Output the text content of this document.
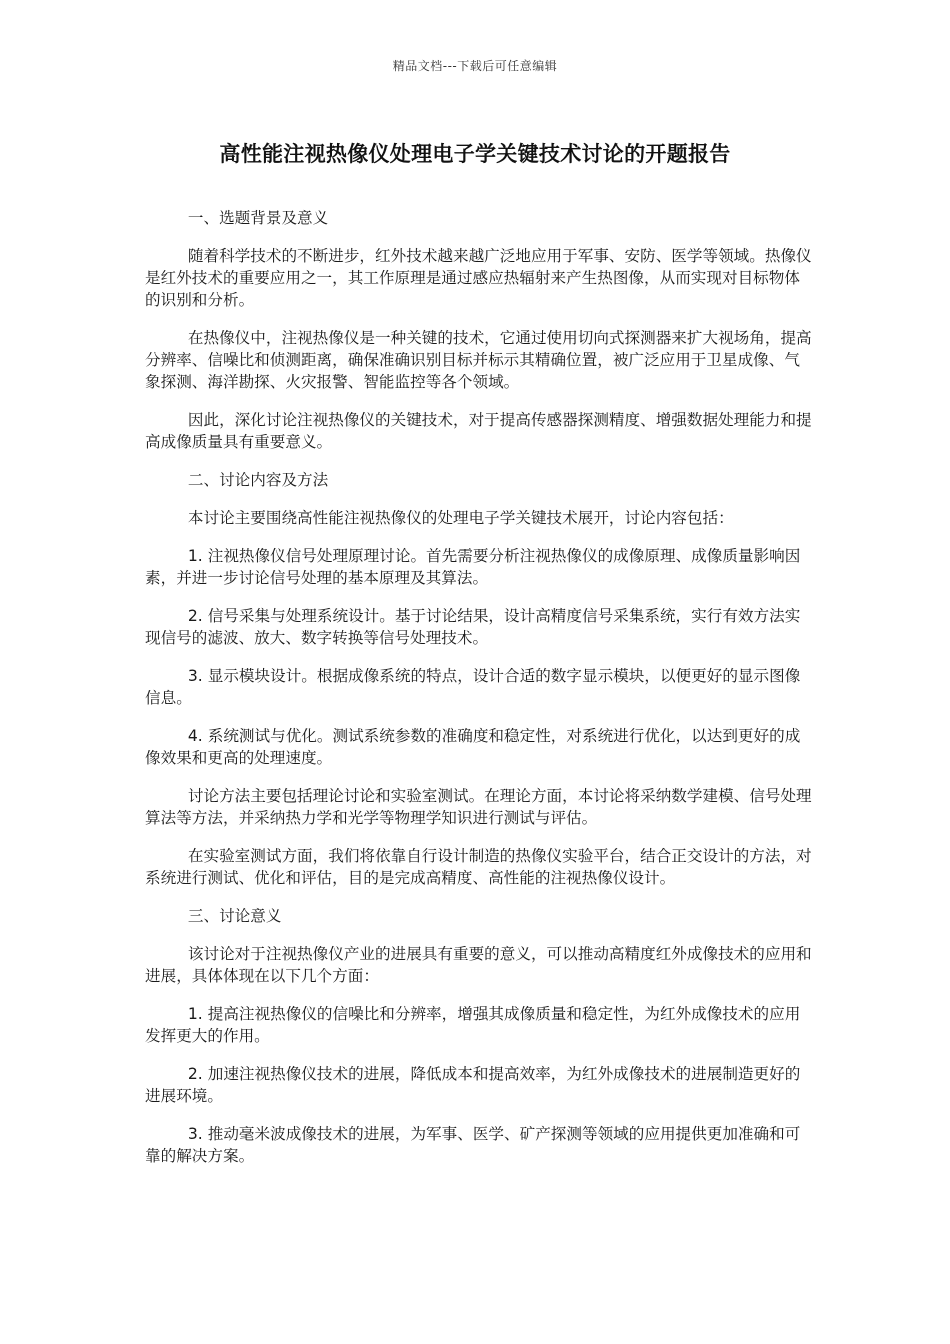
精品文档---下载后可任意编辑
高性能注视热像仪处理电子学关键技术讨论的开题报告

一、选题背景及意义

随着科学技术的不断进步，红外技术越来越广泛地应用于军事、安防、医学等领域。热像仪是红外技术的重要应用之一，其工作原理是通过感应热辐射来产生热图像，从而实现对目标物体的识别和分析。

在热像仪中，注视热像仪是一种关键的技术，它通过使用切向式探测器来扩大视场角，提高分辨率、信噪比和侦测距离，确保准确识别目标并标示其精确位置，被广泛应用于卫星成像、气象探测、海洋勘探、火灾报警、智能监控等各个领域。

因此，深化讨论注视热像仪的关键技术，对于提高传感器探测精度、增强数据处理能力和提高成像质量具有重要意义。

二、讨论内容及方法

本讨论主要围绕高性能注视热像仪的处理电子学关键技术展开，讨论内容包括：

1. 注视热像仪信号处理原理讨论。首先需要分析注视热像仪的成像原理、成像质量影响因素，并进一步讨论信号处理的基本原理及其算法。

2. 信号采集与处理系统设计。基于讨论结果，设计高精度信号采集系统，实行有效方法实现信号的滤波、放大、数字转换等信号处理技术。

3. 显示模块设计。根据成像系统的特点，设计合适的数字显示模块，以便更好的显示图像信息。

4. 系统测试与优化。测试系统参数的准确度和稳定性，对系统进行优化，以达到更好的成像效果和更高的处理速度。

讨论方法主要包括理论讨论和实验室测试。在理论方面，本讨论将采纳数学建模、信号处理算法等方法，并采纳热力学和光学等物理学知识进行测试与评估。

在实验室测试方面，我们将依靠自行设计制造的热像仪实验平台，结合正交设计的方法，对系统进行测试、优化和评估，目的是完成高精度、高性能的注视热像仪设计。

三、讨论意义

该讨论对于注视热像仪产业的进展具有重要的意义，可以推动高精度红外成像技术的应用和进展，具体体现在以下几个方面：

1. 提高注视热像仪的信噪比和分辨率，增强其成像质量和稳定性，为红外成像技术的应用发挥更大的作用。

2. 加速注视热像仪技术的进展，降低成本和提高效率，为红外成像技术的进展制造更好的进展环境。

3. 推动毫米波成像技术的进展，为军事、医学、矿产探测等领域的应用提供更加准确和可靠的解决方案。
